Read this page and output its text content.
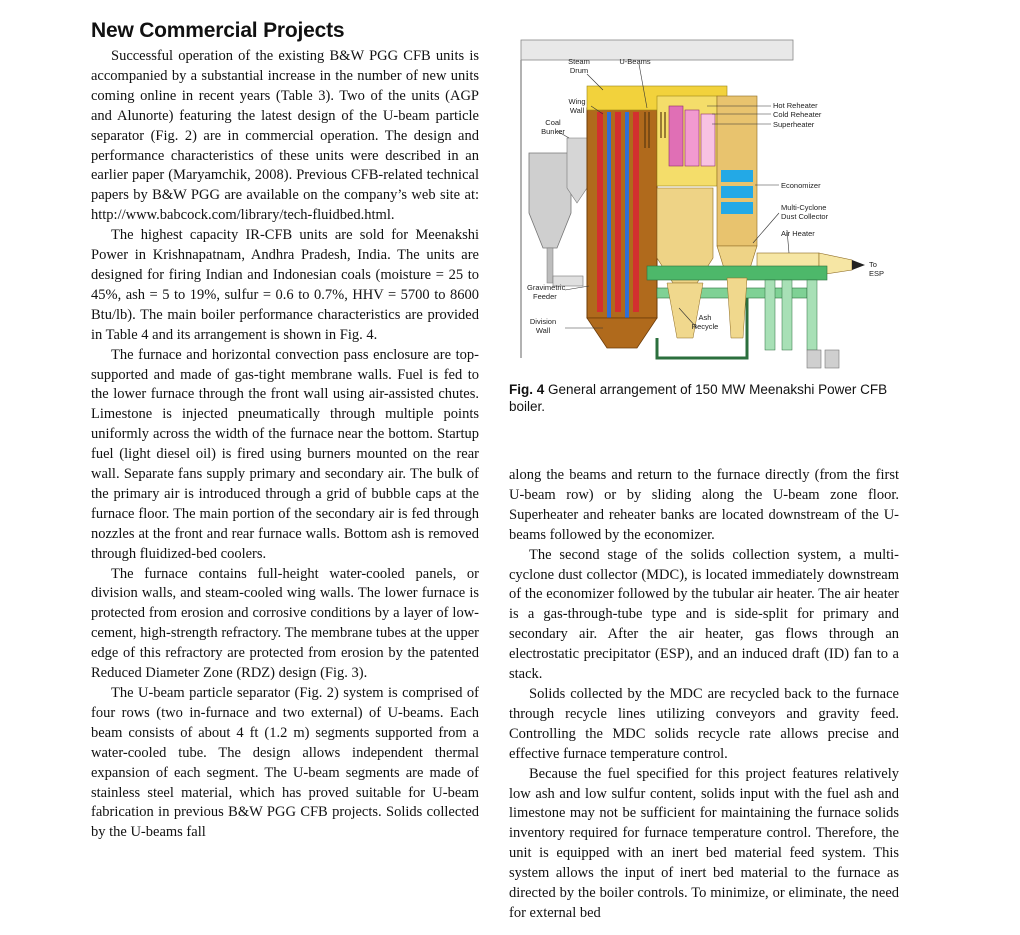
New Commercial Projects

Successful operation of the existing B&W PGG CFB units is accompanied by a substantial increase in the number of new units coming online in recent years (Table 3). Two of the units (AGP and Alunorte) featuring the latest design of the U-beam particle separator (Fig. 2) are in commercial operation. The design and performance characteristics of these units were described in an earlier paper (Maryamchik, 2008). Previous CFB-related technical papers by B&W PGG are available on the company’s web site at: http://www.babcock.com/library/tech-fluidbed.html.

The highest capacity IR-CFB units are sold for Meenakshi Power in Krishnapatnam, Andhra Pradesh, India. The units are designed for firing Indian and Indonesian coals (moisture = 25 to 45%, ash = 5 to 19%, sulfur = 0.6 to 0.7%, HHV = 5700 to 8600 Btu/lb). The main boiler performance characteristics are provided in Table 4 and its arrangement is shown in Fig. 4.

The furnace and horizontal convection pass enclosure are top-supported and made of gas-tight membrane walls. Fuel is fed to the lower furnace through the front wall using air-assisted chutes. Limestone is injected pneumatically through multiple points uniformly across the width of the furnace near the bottom. Startup fuel (light diesel oil) is fired using burners mounted on the rear wall. Separate fans supply primary and secondary air. The bulk of the primary air is introduced through a grid of bubble caps at the furnace floor. The main portion of the secondary air is fed through nozzles at the front and rear furnace walls. Bottom ash is removed through fluidized-bed coolers.

The furnace contains full-height water-cooled panels, or division walls, and steam-cooled wing walls. The lower furnace is protected from erosion and corrosive conditions by a layer of low-cement, high-strength refractory. The membrane tubes at the upper edge of this refractory are protected from erosion by the patented Reduced Diameter Zone (RDZ) design (Fig. 3).

The U-beam particle separator (Fig. 2) system is comprised of four rows (two in-furnace and two external) of U-beams. Each beam consists of about 4 ft (1.2 m) segments supported from a water-cooled tube. The design allows independent thermal expansion of each segment. The U-beam segments are made of stainless steel material, which has proved suitable for U-beam fabrication in previous B&W PGG CFB projects. Solids collected by the U-beams fall

Steam
Drum
U-Beams
Wing
Wall
Coal
Bunker
Hot Reheater
Cold Reheater
Superheater
Economizer
Multi-Cyclone
Dust Collector
Air Heater
To
ESP
Gravimetric
Feeder
Division
Wall
Ash
Recycle
Fig. 4 General arrangement of 150 MW Meenakshi Power CFB boiler.

along the beams and return to the furnace directly (from the first U-beam row) or by sliding along the U-beam zone floor. Superheater and reheater banks are located downstream of the U-beams followed by the economizer.

The second stage of the solids collection system, a multi-cyclone dust collector (MDC), is located immediately downstream of the economizer followed by the tubular air heater. The air heater is a gas-through-tube type and is side-split for primary and secondary air. After the air heater, gas flows through an electrostatic precipitator (ESP), and an induced draft (ID) fan to a stack.

Solids collected by the MDC are recycled back to the furnace through recycle lines utilizing conveyors and gravity feed. Controlling the MDC solids recycle rate allows precise and effective furnace temperature control.

Because the fuel specified for this project features relatively low ash and low sulfur content, solids input with the fuel ash and limestone may not be sufficient for maintaining the furnace solids inventory required for furnace temperature control. Therefore, the unit is equipped with an inert bed material feed system. This system allows the input of inert bed material to the furnace as directed by the boiler controls. To minimize, or eliminate, the need for external bed
